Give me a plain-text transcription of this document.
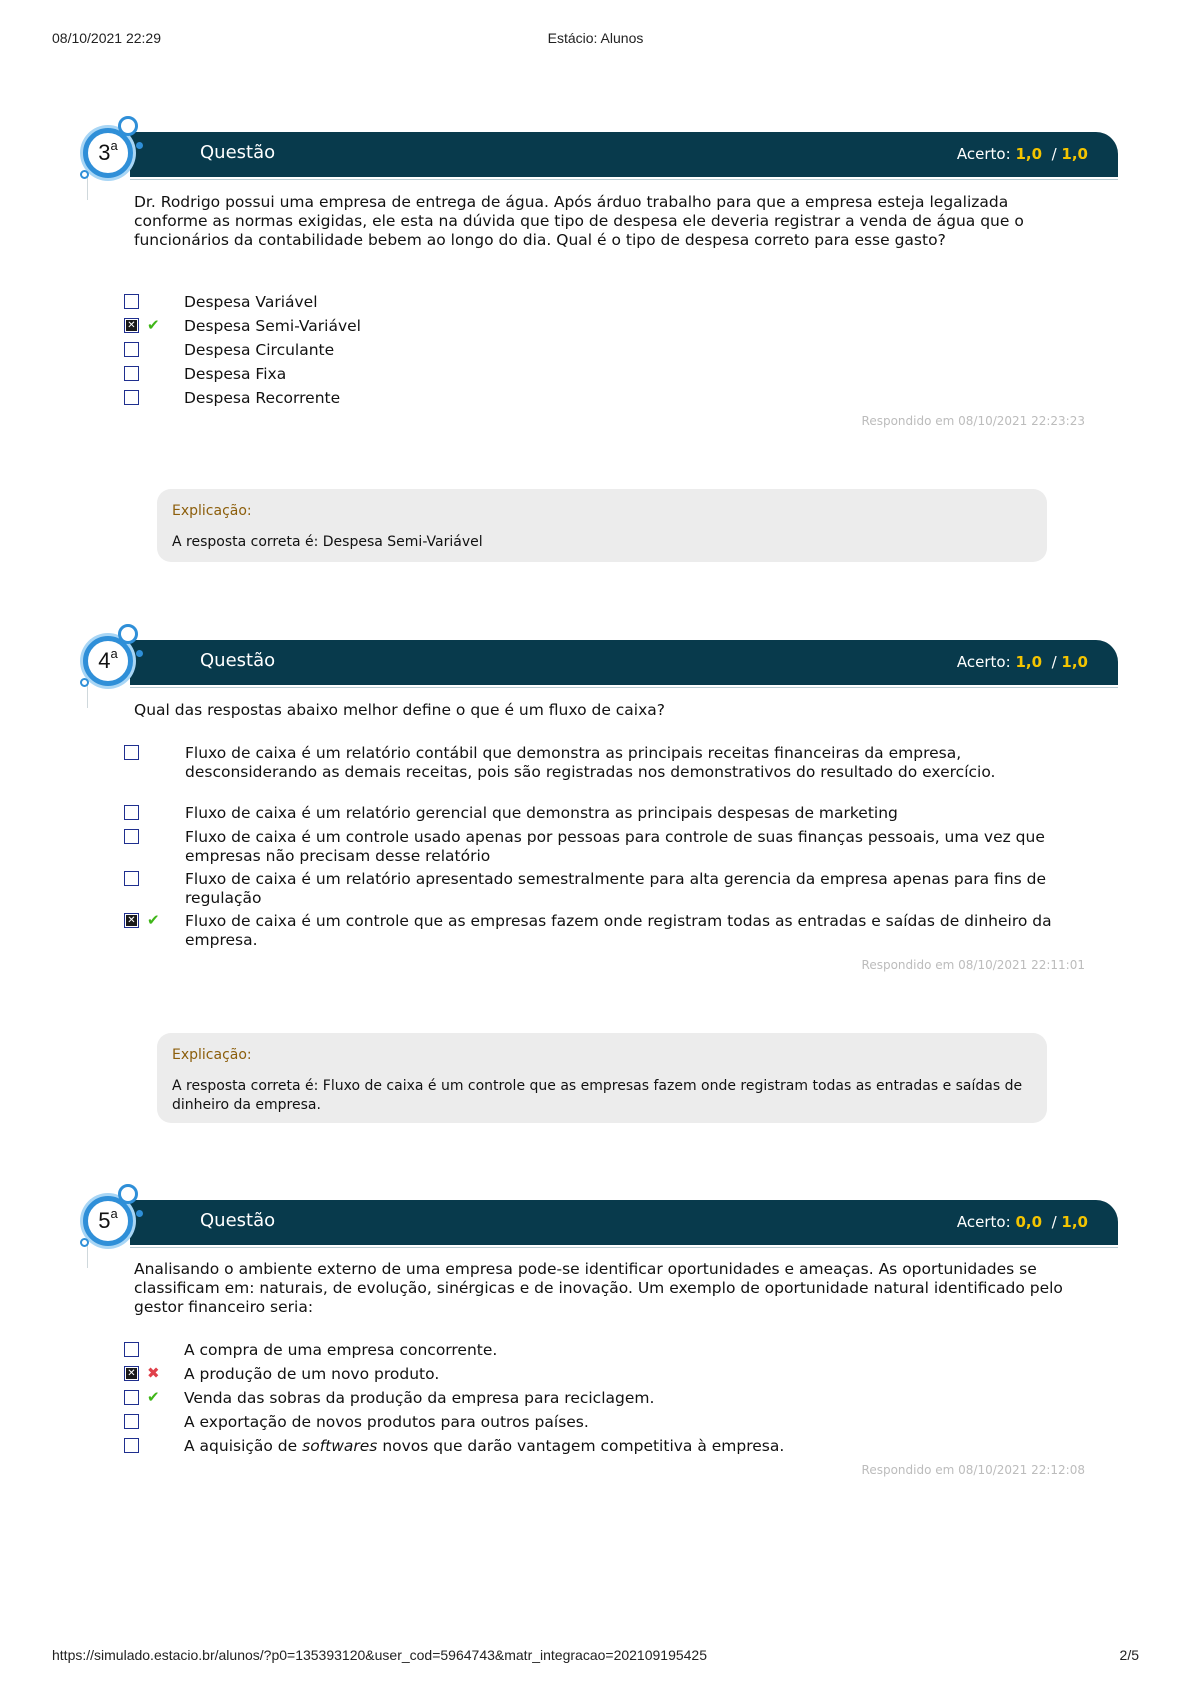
08/10/2021 22:29	Estácio: Alunos
Questão	Acerto: 1,0 / 1,0
3$^a$
Dr. Rodrigo possui uma empresa de entrega de água. Após árduo trabalho para que a empresa esteja legalizada conforme as normas exigidas, ele esta na dúvida que tipo de despesa ele deveria registrar a venda de água que o funcionários da contabilidade bebem ao longo do dia. Qual é o tipo de despesa correto para esse gasto?
Despesa Variável
✕ ✔ Despesa Semi-Variável
Despesa Circulante
Despesa Fixa
Despesa Recorrente
Respondido em 08/10/2021 22:23:23
Explicação:
A resposta correta é: Despesa Semi-Variável
Questão	Acerto: 1,0 / 1,0
4$^a$
Qual das respostas abaixo melhor define o que é um fluxo de caixa?
Fluxo de caixa é um relatório contábil que demonstra as principais receitas financeiras da empresa, desconsiderando as demais receitas, pois são registradas nos demonstrativos do resultado do exercício.
Fluxo de caixa é um relatório gerencial que demonstra as principais despesas de marketing
Fluxo de caixa é um controle usado apenas por pessoas para controle de suas finanças pessoais, uma vez que empresas não precisam desse relatório
Fluxo de caixa é um relatório apresentado semestralmente para alta gerencia da empresa apenas para fins de regulação
✕ ✔ Fluxo de caixa é um controle que as empresas fazem onde registram todas as entradas e saídas de dinheiro da empresa.
Respondido em 08/10/2021 22:11:01
Explicação:
A resposta correta é: Fluxo de caixa é um controle que as empresas fazem onde registram todas as entradas e saídas de dinheiro da empresa.
Questão	Acerto: 0,0 / 1,0
5$^a$
Analisando o ambiente externo de uma empresa pode-se identificar oportunidades e ameaças. As oportunidades se classificam em: naturais, de evolução, sinérgicas e de inovação. Um exemplo de oportunidade natural identificado pelo gestor financeiro seria:
A compra de uma empresa concorrente.
✕ ✖ A produção de um novo produto.
✔ Venda das sobras da produção da empresa para reciclagem.
A exportação de novos produtos para outros países.
A aquisição de softwares novos que darão vantagem competitiva à empresa.
Respondido em 08/10/2021 22:12:08
https://simulado.estacio.br/alunos/?p0=135393120&user_cod=5964743&matr_integracao=202109195425	2/5
